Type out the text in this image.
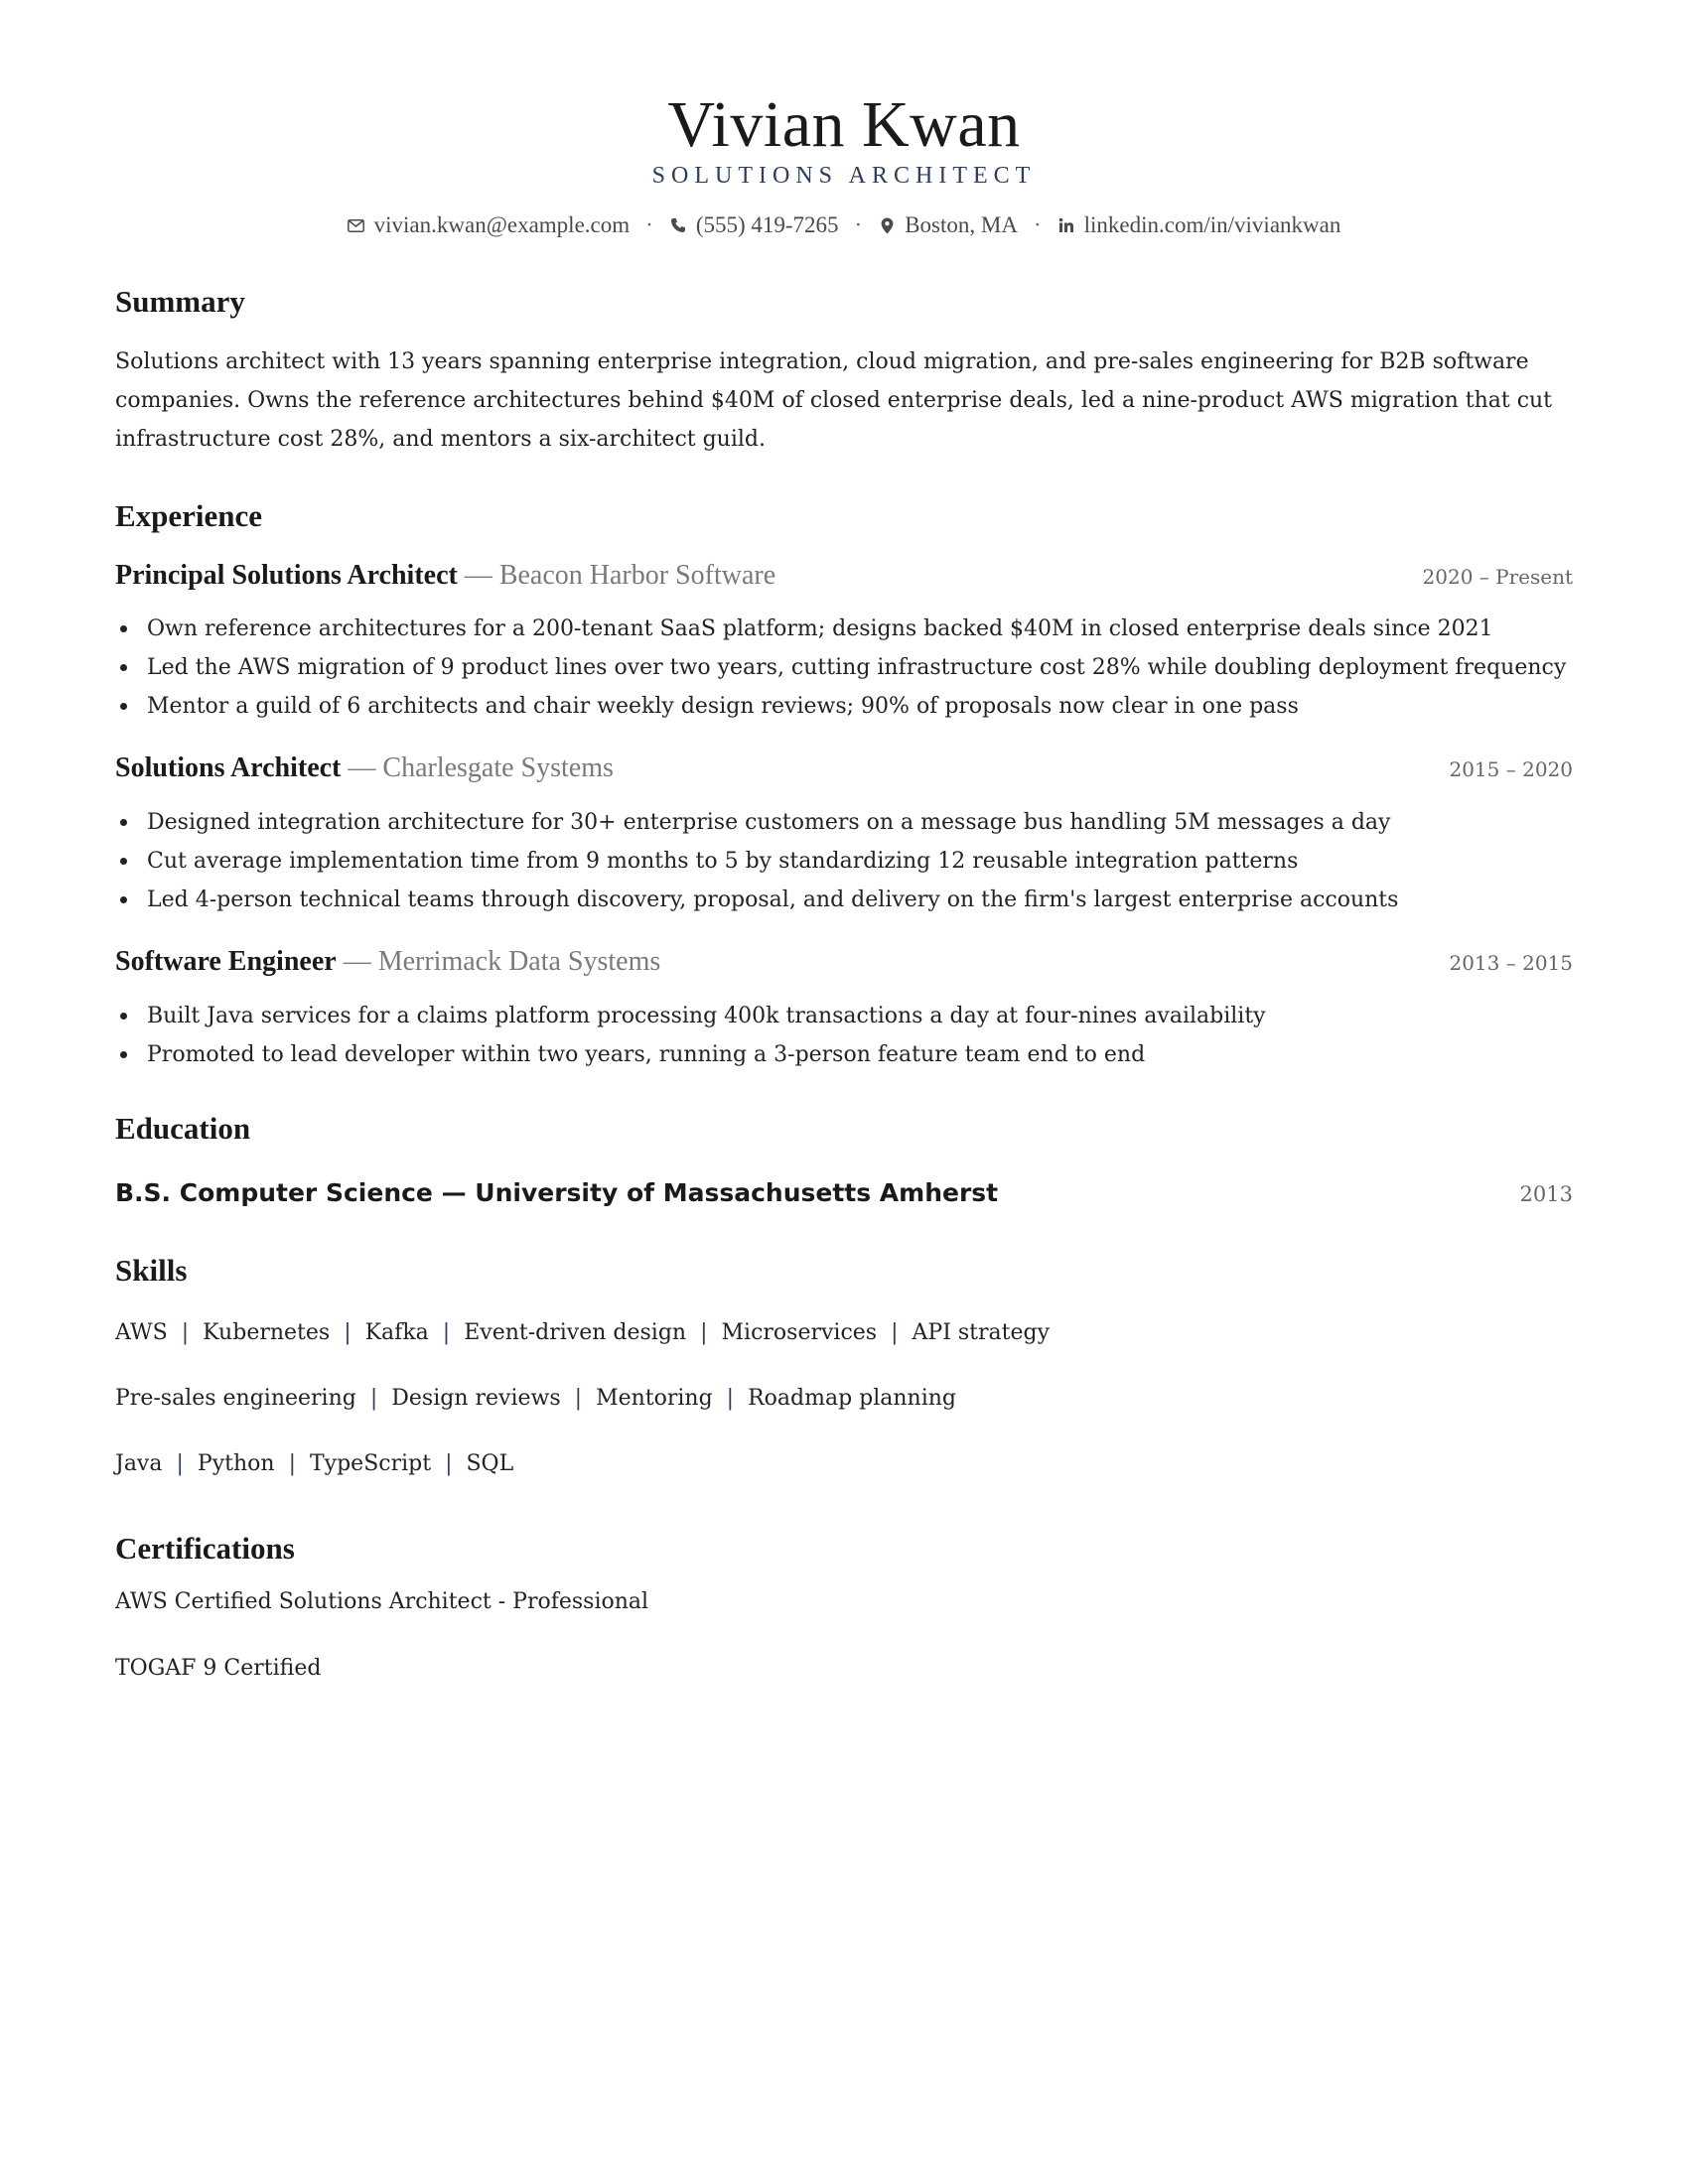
Vivian Kwan
SOLUTIONS ARCHITECT
vivian.kwan@example.com · (555) 419-7265 · Boston, MA · linkedin.com/in/viviankwan
Summary
Solutions architect with 13 years spanning enterprise integration, cloud migration, and pre-sales engineering for B2B software
companies. Owns the reference architectures behind $40M of closed enterprise deals, led a nine-product AWS migration that cut
infrastructure cost 28%, and mentors a six-architect guild.
Experience
Principal Solutions Architect — Beacon Harbor Software	2020 – Present
Own reference architectures for a 200-tenant SaaS platform; designs backed $40M in closed enterprise deals since 2021
Led the AWS migration of 9 product lines over two years, cutting infrastructure cost 28% while doubling deployment frequency
Mentor a guild of 6 architects and chair weekly design reviews; 90% of proposals now clear in one pass
Solutions Architect — Charlesgate Systems	2015 – 2020
Designed integration architecture for 30+ enterprise customers on a message bus handling 5M messages a day
Cut average implementation time from 9 months to 5 by standardizing 12 reusable integration patterns
Led 4-person technical teams through discovery, proposal, and delivery on the firm's largest enterprise accounts
Software Engineer — Merrimack Data Systems	2013 – 2015
Built Java services for a claims platform processing 400k transactions a day at four-nines availability
Promoted to lead developer within two years, running a 3-person feature team end to end
Education
B.S. Computer Science — University of Massachusetts Amherst	2013
Skills
AWS | Kubernetes | Kafka | Event-driven design | Microservices | API strategy
Pre-sales engineering | Design reviews | Mentoring | Roadmap planning
Java | Python | TypeScript | SQL
Certifications
AWS Certified Solutions Architect - Professional
TOGAF 9 Certified
